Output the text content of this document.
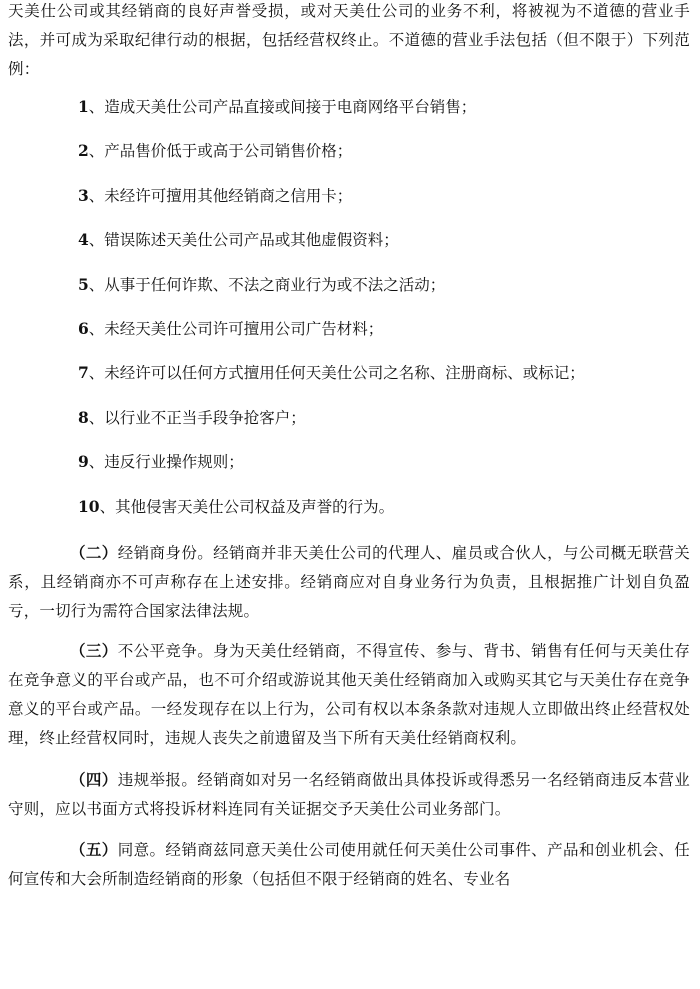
天美仕公司或其经销商的良好声誉受损，或对天美仕公司的业务不利，将被视为不道德的营业手法，并可成为采取纪律行动的根据，包括经营权终止。不道德的营业手法包括（但不限于）下列范例：

1、造成天美仕公司产品直接或间接于电商网络平台销售；
2、产品售价低于或高于公司销售价格；
3、未经许可擅用其他经销商之信用卡；
4、错误陈述天美仕公司产品或其他虚假资料；
5、从事于任何诈欺、不法之商业行为或不法之活动；
6、未经天美仕公司许可擅用公司广告材料；
7、未经许可以任何方式擅用任何天美仕公司之名称、注册商标、或标记；
8、以行业不正当手段争抢客户；
9、违反行业操作规则；
10、其他侵害天美仕公司权益及声誉的行为。

（二）经销商身份。经销商并非天美仕公司的代理人、雇员或合伙人，与公司概无联营关系，且经销商亦不可声称存在上述安排。经销商应对自身业务行为负责，且根据推广计划自负盈亏，一切行为需符合国家法律法规。

（三）不公平竞争。身为天美仕经销商，不得宣传、参与、背书、销售有任何与天美仕存在竞争意义的平台或产品，也不可介绍或游说其他天美仕经销商加入或购买其它与天美仕存在竞争意义的平台或产品。一经发现存在以上行为，公司有权以本条条款对违规人立即做出终止经营权处理，终止经营权同时，违规人丧失之前遗留及当下所有天美仕经销商权利。

（四）违规举报。经销商如对另一名经销商做出具体投诉或得悉另一名经销商违反本营业守则，应以书面方式将投诉材料连同有关证据交予天美仕公司业务部门。

（五）同意。经销商兹同意天美仕公司使用就任何天美仕公司事件、产品和创业机会、任何宣传和大会所制造经销商的形象（包括但不限于经销商的姓名、专业名
